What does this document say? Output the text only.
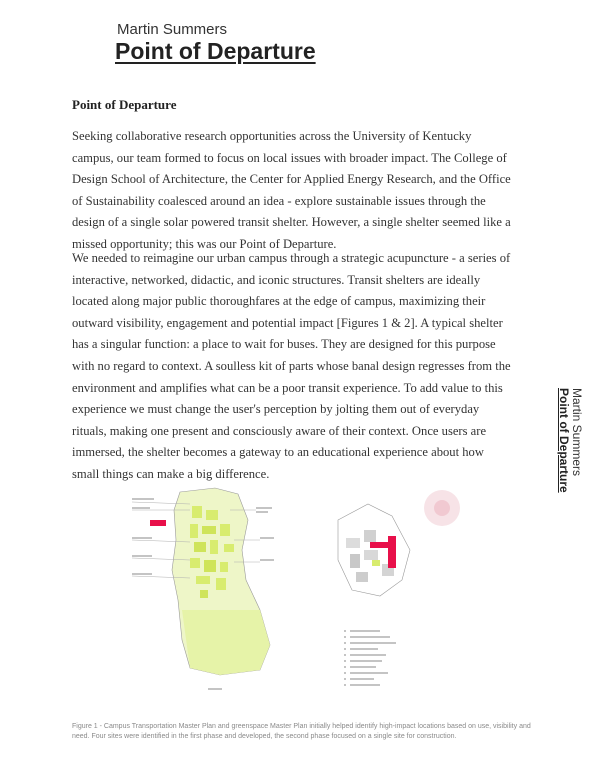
Martin Summers
Point of Departure
Point of Departure

Seeking collaborative research opportunities across the University of Kentucky campus, our team formed to focus on local issues with broader impact. The College of Design School of Architecture, the Center for Applied Energy Research, and the Office of Sustainability coalesced around an idea - explore sustainable issues through the design of a single solar powered transit shelter. However, a single shelter seemed like a missed opportunity; this was our Point of Departure.

We needed to reimagine our urban campus through a strategic acupuncture - a series of interactive, networked, didactic, and iconic structures. Transit shelters are ideally located along major public thoroughfares at the edge of campus, maximizing their outward visibility, engagement and potential impact [Figures 1 & 2]. A typical shelter has a singular function: a place to wait for buses. They are designed for this purpose with no regard to context. A soulless kit of parts whose banal design regresses from the environment and amplifies what can be a poor transit experience. To add value to this experience we must change the user's perception by jolting them out of everyday rituals, making one present and consciously aware of their context. Once users are immersed, the shelter becomes a gateway to an educational experience about how small things can make a big difference.	Martin Summers
Point of Departure

Figure 1 - Campus Transportation Master Plan and greenspace Master Plan initially helped identify high-impact locations based on use, visibility and need. Four sites were identified in the first phase and developed, the second phase focused on a single site for construction.
